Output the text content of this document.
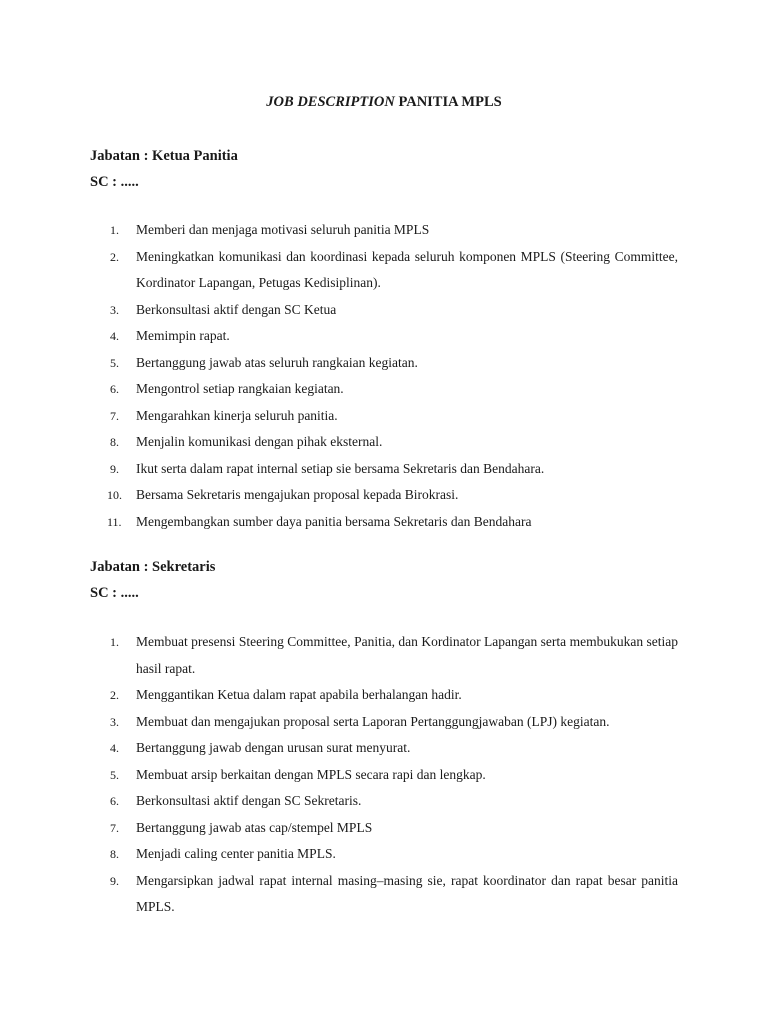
JOB DESCRIPTION PANITIA MPLS

Jabatan : Ketua Panitia

SC : .....

1. Memberi dan menjaga motivasi seluruh panitia MPLS
2. Meningkatkan komunikasi dan koordinasi kepada seluruh komponen MPLS (Steering Committee, Kordinator Lapangan, Petugas Kedisiplinan).
3. Berkonsultasi aktif dengan SC Ketua
4. Memimpin rapat.
5. Bertanggung jawab atas seluruh rangkaian kegiatan.
6. Mengontrol setiap rangkaian kegiatan.
7. Mengarahkan kinerja seluruh panitia.
8. Menjalin komunikasi dengan pihak eksternal.
9. Ikut serta dalam rapat internal setiap sie bersama Sekretaris dan Bendahara.
10. Bersama Sekretaris mengajukan proposal kepada Birokrasi.
11. Mengembangkan sumber daya panitia bersama Sekretaris dan Bendahara

Jabatan : Sekretaris

SC : .....

1. Membuat presensi Steering Committee, Panitia, dan Kordinator Lapangan serta membukukan setiap hasil rapat.
2. Menggantikan Ketua dalam rapat apabila berhalangan hadir.
3. Membuat dan mengajukan proposal serta Laporan Pertanggungjawaban (LPJ) kegiatan.
4. Bertanggung jawab dengan urusan surat menyurat.
5. Membuat arsip berkaitan dengan MPLS secara rapi dan lengkap.
6. Berkonsultasi aktif dengan SC Sekretaris.
7. Bertanggung jawab atas cap/stempel MPLS
8. Menjadi caling center panitia MPLS.
9. Mengarsipkan jadwal rapat internal masing–masing sie, rapat koordinator dan rapat besar panitia MPLS.
